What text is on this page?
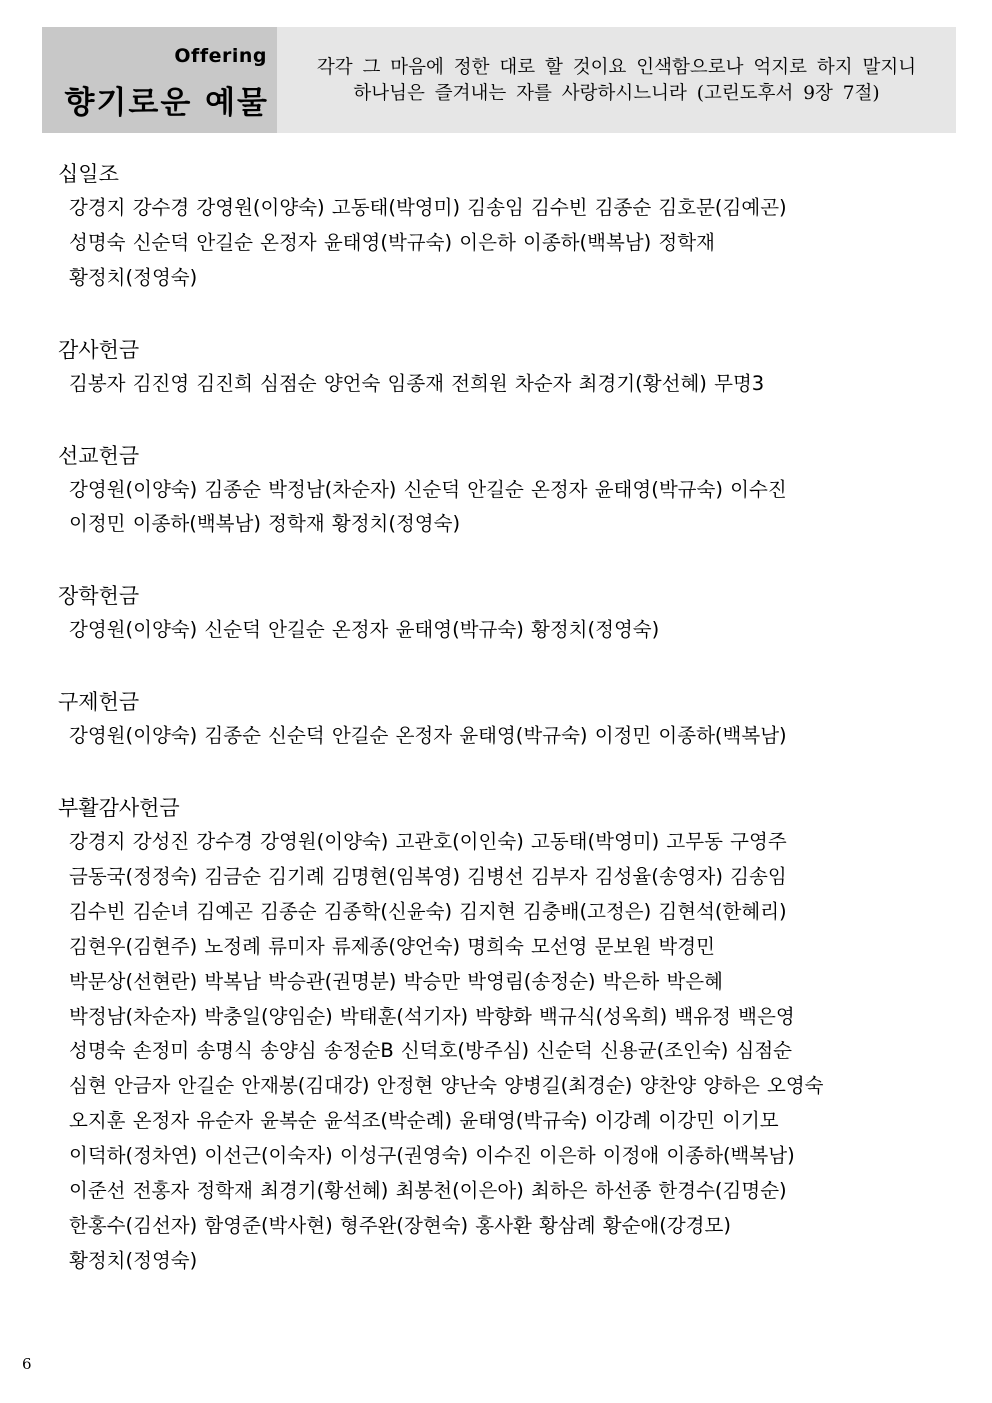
Offering
향기로운 예물
각각 그 마음에 정한 대로 할 것이요 인색함으로나 억지로 하지 말지니
하나님은 즐겨내는 자를 사랑하시느니라 (고린도후서 9장 7절)
십일조
강경지 강수경 강영원(이양숙) 고동태(박영미) 김송임 김수빈 김종순 김호문(김예곤)
성명숙 신순덕 안길순 온정자 윤태영(박규숙) 이은하 이종하(백복남) 정학재
황정치(정영숙)
감사헌금
김봉자 김진영 김진희 심점순 양언숙 임종재 전희원 차순자 최경기(황선혜) 무명3
선교헌금
강영원(이양숙) 김종순 박정남(차순자) 신순덕 안길순 온정자 윤태영(박규숙) 이수진
이정민 이종하(백복남) 정학재 황정치(정영숙)
장학헌금
강영원(이양숙) 신순덕 안길순 온정자 윤태영(박규숙) 황정치(정영숙)
구제헌금
강영원(이양숙) 김종순 신순덕 안길순 온정자 윤태영(박규숙) 이정민 이종하(백복남)
부활감사헌금
강경지 강성진 강수경 강영원(이양숙) 고관호(이인숙) 고동태(박영미) 고무동 구영주
금동국(정정숙) 김금순 김기례 김명현(임복영) 김병선 김부자 김성율(송영자) 김송임
김수빈 김순녀 김예곤 김종순 김종학(신윤숙) 김지현 김충배(고정은) 김현석(한혜리)
김현우(김현주) 노정례 류미자 류제종(양언숙) 명희숙 모선영 문보원 박경민
박문상(선현란) 박복남 박승관(권명분) 박승만 박영림(송정순) 박은하 박은혜
박정남(차순자) 박충일(양임순) 박태훈(석기자) 박향화 백규식(성옥희) 백유정 백은영
성명숙 손정미 송명식 송양심 송정순B 신덕호(방주심) 신순덕 신용균(조인숙) 심점순
심현 안금자 안길순 안재봉(김대강) 안정현 양난숙 양병길(최경순) 양찬양 양하은 오영숙
오지훈 온정자 유순자 윤복순 윤석조(박순례) 윤태영(박규숙) 이강례 이강민 이기모
이덕하(정차연) 이선근(이숙자) 이성구(권영숙) 이수진 이은하 이정애 이종하(백복남)
이준선 전홍자 정학재 최경기(황선혜) 최봉천(이은아) 최하은 하선종 한경수(김명순)
한홍수(김선자) 함영준(박사현) 형주완(장현숙) 홍사환 황삼례 황순애(강경모)
황정치(정영숙)
6
